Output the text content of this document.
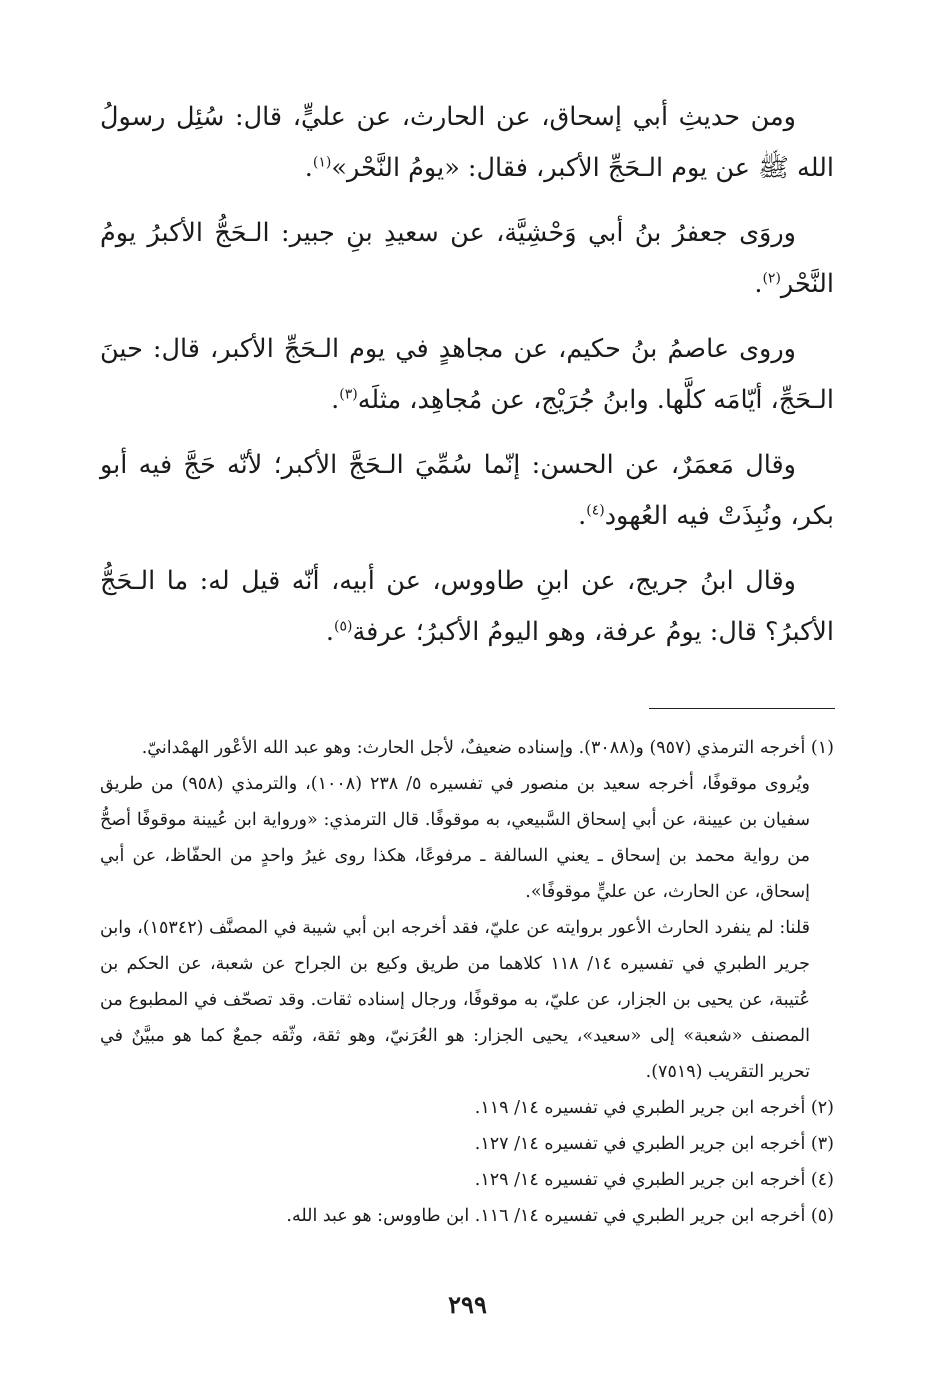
ومن حديثِ أبي إسحاق، عن الحارث، عن عليٍّ، قال: سُئِل رسولُ الله ﷺ عن يوم الـحَجِّ الأكبر، فقال: «يومُ النَّحْر»$^{(١)}$.

وروَى جعفرُ بنُ أبي وَحْشِيَّة، عن سعيدِ بنِ جبير: الـحَجُّ الأكبرُ يومُ النَّحْر$^{(٢)}$.

وروى عاصمُ بنُ حكيم، عن مجاهدٍ في يوم الـحَجِّ الأكبر، قال: حينَ الـحَجِّ، أيّامَه كلَّها. وابنُ جُرَيْج، عن مُجاهِد، مثلَه$^{(٣)}$.

وقال مَعمَرٌ، عن الحسن: إنّما سُمِّيَ الـحَجَّ الأكبر؛ لأنّه حَجَّ فيه أبو بكر، ونُبِذَتْ فيه العُهود$^{(٤)}$.

وقال ابنُ جريج، عن ابنِ طاووس، عن أبيه، أنّه قيل له: ما الـحَجُّ الأكبرُ؟ قال: يومُ عرفة، وهو اليومُ الأكبرُ؛ عرفة$^{(٥)}$.

(١) أخرجه الترمذي (٩٥٧) و(٣٠٨٨). وإسناده ضعيفٌ، لأجل الحارث: وهو عبد الله الأعْور الهمْدانيّ.

ويُروى موقوفًا، أخرجه سعيد بن منصور في تفسيره ٥/ ٢٣٨ (١٠٠٨)، والترمذي (٩٥٨) من طريق سفيان بن عيينة، عن أبي إسحاق السَّبيعي، به موقوفًا. قال الترمذي: «ورواية ابن عُيينة موقوفًا أصحُّ من رواية محمد بن إسحاق ـ يعني السالفة ـ مرفوعًا، هكذا روى غيرُ واحدٍ من الحفّاظ، عن أبي إسحاق، عن الحارث، عن عليٍّ موقوفًا».

قلنا: لم ينفرد الحارث الأعور بروايته عن عليّ، فقد أخرجه ابن أبي شيبة في المصنَّف (١٥٣٤٢)، وابن جرير الطبري في تفسيره ١٤/ ١١٨ كلاهما من طريق وكيع بن الجراح عن شعبة، عن الحكم بن عُتيبة، عن يحيى بن الجزار، عن عليّ، به موقوفًا، ورجال إسناده ثقات. وقد تصحّف في المطبوع من المصنف «شعبة» إلى «سعيد»، يحيى الجزار: هو العُرَنيّ، وهو ثقة، وثّقه جمعٌ كما هو مبيَّنٌ في تحرير التقريب (٧٥١٩).

(٢) أخرجه ابن جرير الطبري في تفسيره ١٤/ ١١٩.

(٣) أخرجه ابن جرير الطبري في تفسيره ١٤/ ١٢٧.

(٤) أخرجه ابن جرير الطبري في تفسيره ١٤/ ١٢٩.

(٥) أخرجه ابن جرير الطبري في تفسيره ١٤/ ١١٦. ابن طاووس: هو عبد الله.

٢٩٩
